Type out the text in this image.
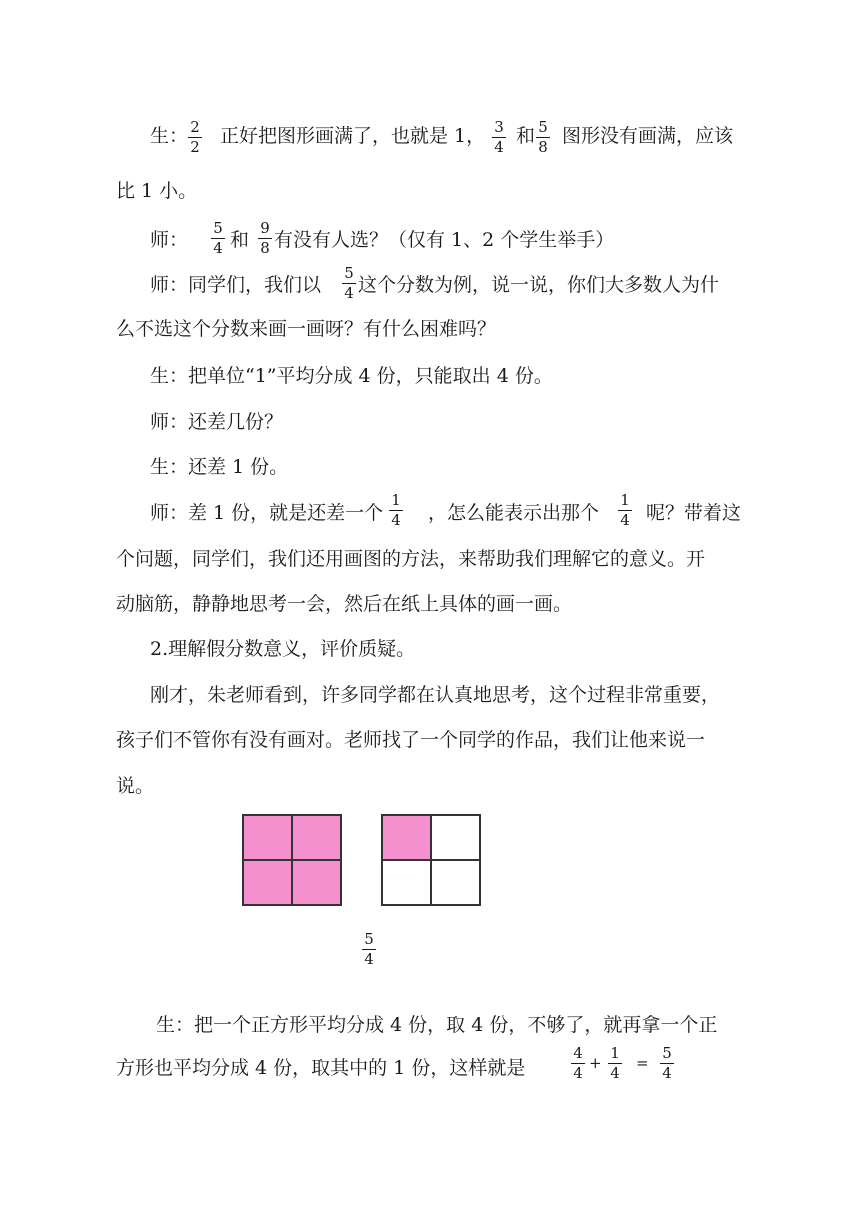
生： 2
2 正好把图形画满了，也就是 1， 3
4 和 5
8 图形没有画满，应该
比 1 小。
师：
5
4 和
9
8 有没有人选？（仅有 1、2 个学生举手）
师：同学们，我们以
5
4 这个分数为例，说一说，你们大多数人为什
么不选这个分数来画一画呀？有什么困难吗？
生：把单位“1”平均分成 4 份，只能取出 4 份。
师：还差几份？
生：还差 1 份。
师：差 1 份，就是还差一个
1
4 ，怎么能表示出那个
1
4 呢？带着这
个问题，同学们，我们还用画图的方法，来帮助我们理解它的意义。开
动脑筋，静静地思考一会，然后在纸上具体的画一画。
2.理解假分数意义，评价质疑。
刚才，朱老师看到，许多同学都在认真地思考，这个过程非常重要，
孩子们不管你有没有画对。老师找了一个同学的作品，我们让他来说一
说。
5
4
生：把一个正方形平均分成 4 份，取 4 份，不够了，就再拿一个正
方形也平均分成 4 份，取其中的 1 份，这样就是
4
4
+
1
4
=
5
4
